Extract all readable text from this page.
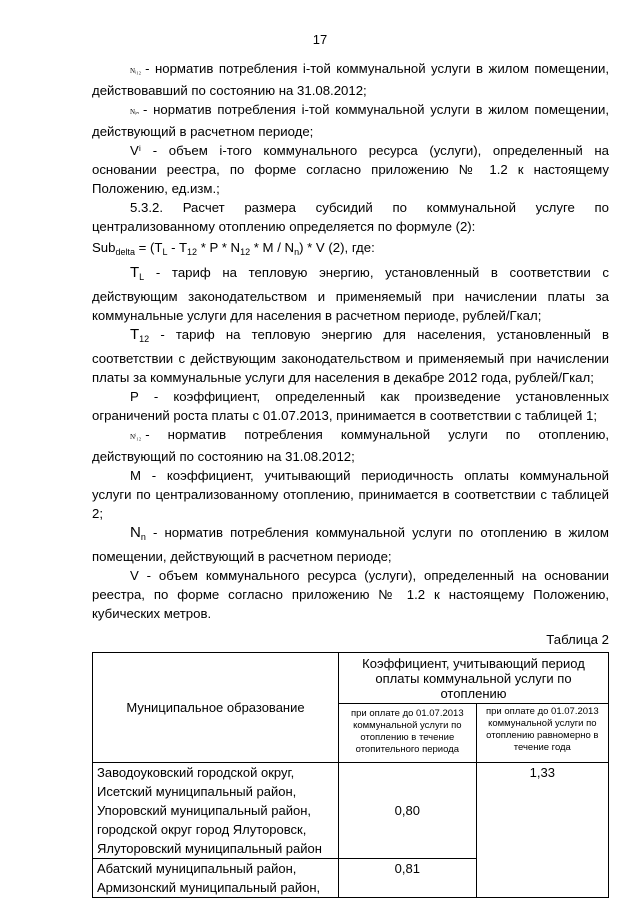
17

Nᵢ₁₂ - норматив потребления i-той коммунальной услуги в жилом помещении, действовавший по состоянию на 31.08.2012;

Nᵢₙ - норматив потребления i-той коммунальной услуги в жилом помещении, действующий в расчетном периоде;

Vⁱ - объем i-того коммунального ресурса (услуги), определенный на основании реестра, по форме согласно приложению № 1.2 к настоящему Положению, ед.изм.;

5.3.2. Расчет размера субсидий по коммунальной услуге по централизованному отоплению определяется по формуле (2):

$Sub_{delta} = (T_L - T_{12} * P * N_{12} * M / N_n) * V$ (2), где:

$T_L$ - тариф на тепловую энергию, установленный в соответствии с действующим законодательством и применяемый при начислении платы за коммунальные услуги для населения в расчетном периоде, рублей/Гкал;

$T_{12}$ - тариф на тепловую энергию для населения, установленный в соответствии с действующим законодательством и применяемый при начислении платы за коммунальные услуги для населения в декабре 2012 года, рублей/Гкал;

Р - коэффициент, определенный как произведение установленных ограничений роста платы с 01.07.2013, принимается в соответствии с таблицей 1;

Nⁱ₁₂ - норматив потребления коммунальной услуги по отоплению, действующий по состоянию на 31.08.2012;

М - коэффициент, учитывающий периодичность оплаты коммунальной услуги по централизованному отоплению, принимается в соответствии с таблицей 2;

$N_n$ - норматив потребления коммунальной услуги по отоплению в жилом помещении, действующий в расчетном периоде;

V - объем коммунального ресурса (услуги), определенный на основании реестра, по форме согласно приложению № 1.2 к настоящему Положению, кубических метров.

Таблица 2
Муниципальное образование	Коэффициент, учитывающий период оплаты коммунальной услуги по отоплению	
	при оплате до 01.07.2013 коммунальной услуги по отоплению в течение отопительного периода	при оплате до 01.07.2013 коммунальной услуги по отоплению равномерно в течение года

Заводоуковский городской округ,
Исетский муниципальный район,
Упоровский муниципальный район,
городской округ город Ялуторовск,
Ялуторовский муниципальный район	0,80	1,33

Абатский муниципальный район,
Армизонский муниципальный район,	0,81	
